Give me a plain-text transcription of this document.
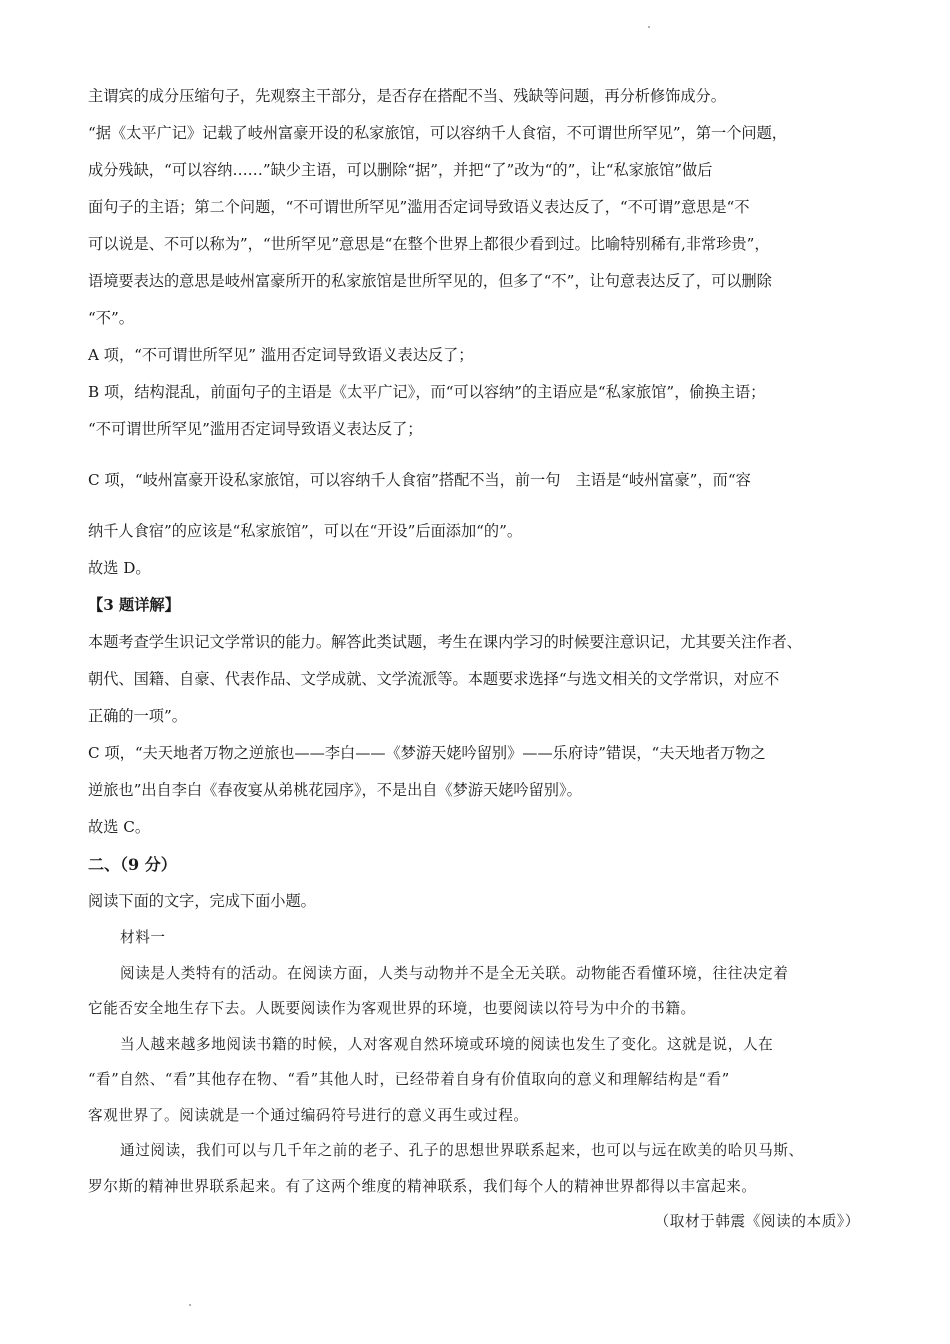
主谓宾的成分压缩句子，先观察主干部分，是否存在搭配不当、残缺等问题，再分析修饰成分。

“据《太平广记》记载了岐州富豪开设的私家旅馆，可以容纳千人食宿，不可谓世所罕见”，第一个问题，

成分残缺，“可以容纳……”缺少主语，可以删除“据”，并把“了”改为“的”，让“私家旅馆”做后

面句子的主语；第二个问题，“不可谓世所罕见”滥用否定词导致语义表达反了，“不可谓”意思是“不

可以说是、不可以称为”，“世所罕见”意思是“在整个世界上都很少看到过。比喻特别稀有,非常珍贵”，

语境要表达的意思是岐州富豪所开的私家旅馆是世所罕见的，但多了“不”，让句意表达反了，可以删除

“不”。

A 项，“不可谓世所罕见” 滥用否定词导致语义表达反了；

B 项，结构混乱，前面句子的主语是《太平广记》，而“可以容纳”的主语应是“私家旅馆”，偷换主语；

“不可谓世所罕见”滥用否定词导致语义表达反了；

C 项，“岐州富豪开设私家旅馆，可以容纳千人食宿”搭配不当，前一句　主语是“岐州富豪”，而“容

纳千人食宿”的应该是“私家旅馆”，可以在“开设”后面添加“的”。

故选 D。

【3 题详解】

本题考查学生识记文学常识的能力。解答此类试题，考生在课内学习的时候要注意识记，尤其要关注作者、

朝代、国籍、自豪、代表作品、文学成就、文学流派等。本题要求选择“与选文相关的文学常识，对应不

正确的一项”。

C 项，“夫天地者万物之逆旅也——李白——《梦游天姥吟留别》——乐府诗”错误，“夫天地者万物之

逆旅也”出自李白《春夜宴从弟桃花园序》，不是出自《梦游天姥吟留别》。

故选 C。

二、（9 分）

阅读下面的文字，完成下面小题。

材料一

阅读是人类特有的活动。在阅读方面，人类与动物并不是全无关联。动物能否看懂环境，往往决定着

它能否安全地生存下去。人既要阅读作为客观世界的环境，也要阅读以符号为中介的书籍。

当人越来越多地阅读书籍的时候，人对客观自然环境或环境的阅读也发生了变化。这就是说，人在

“看”自然、“看”其他存在物、“看”其他人时，已经带着自身有价值取向的意义和理解结构是“看”

客观世界了。阅读就是一个通过编码符号进行的意义再生或过程。

通过阅读，我们可以与几千年之前的老子、孔子的思想世界联系起来，也可以与远在欧美的哈贝马斯、

罗尔斯的精神世界联系起来。有了这两个维度的精神联系，我们每个人的精神世界都得以丰富起来。

（取材于韩震《阅读的本质》）
